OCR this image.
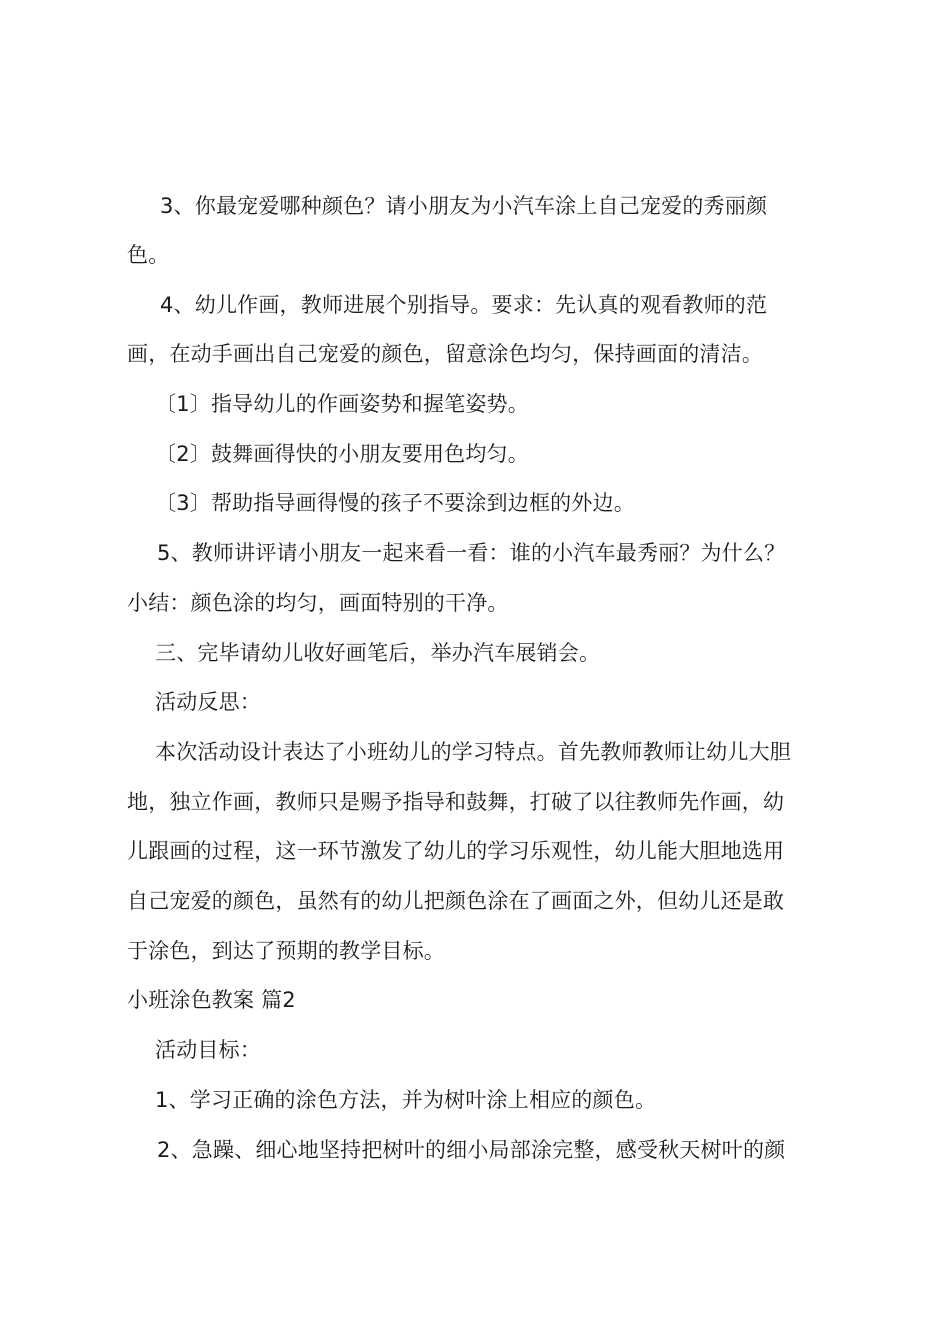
3、你最宠爱哪种颜色？请小朋友为小汽车涂上自己宠爱的秀丽颜
色。
4、幼儿作画，教师进展个别指导。要求：先认真的观看教师的范
画，在动手画出自己宠爱的颜色，留意涂色均匀，保持画面的清洁。
〔1〕指导幼儿的作画姿势和握笔姿势。
〔2〕鼓舞画得快的小朋友要用色均匀。
〔3〕帮助指导画得慢的孩子不要涂到边框的外边。
5、教师讲评请小朋友一起来看一看：谁的小汽车最秀丽？为什么？
小结：颜色涂的均匀，画面特别的干净。
三、完毕请幼儿收好画笔后，举办汽车展销会。
活动反思：
本次活动设计表达了小班幼儿的学习特点。首先教师教师让幼儿大胆
地，独立作画，教师只是赐予指导和鼓舞，打破了以往教师先作画，幼
儿跟画的过程，这一环节激发了幼儿的学习乐观性，幼儿能大胆地选用
自己宠爱的颜色，虽然有的幼儿把颜色涂在了画面之外，但幼儿还是敢
于涂色，到达了预期的教学目标。
小班涂色教案 篇2
活动目标：
1、学习正确的涂色方法，并为树叶涂上相应的颜色。
2、急躁、细心地坚持把树叶的细小局部涂完整，感受秋天树叶的颜
